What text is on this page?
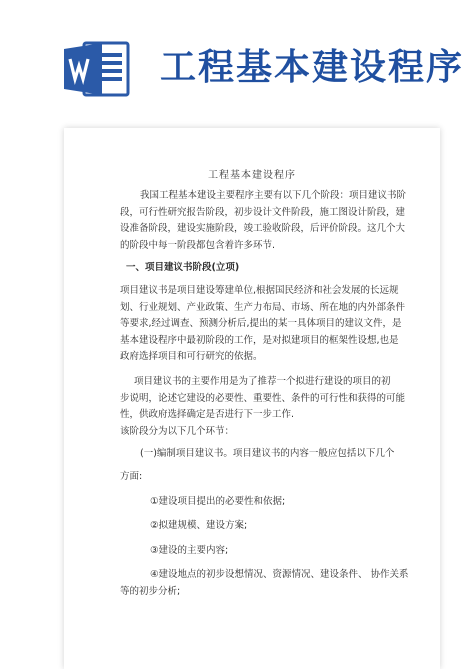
工程基本建设程序
工程基本建设程序
我国工程基本建设主要程序主要有以下几个阶段：项目建议书阶
段，可行性研究报告阶段，初步设计文件阶段，施工图设计阶段，建
设准备阶段，建设实施阶段，竣工验收阶段，后评价阶段。这几个大
的阶段中每一阶段都包含着许多环节.
一、项目建议书阶段(立项)
项目建议书是项目建设筹建单位,根据国民经济和社会发展的长远规
划、行业规划、产业政策、生产力布局、市场、所在地的内外部条件
等要求,经过调查、预测分析后,提出的某一具体项目的建议文件，是
基本建设程序中最初阶段的工作，是对拟建项目的框架性设想,也是
政府选择项目和可行研究的依据。
项目建议书的主要作用是为了推荐一个拟进行建设的项目的初
步说明，论述它建设的必要性、重要性、条件的可行性和获得的可能
性，供政府选择确定是否进行下一步工作.
该阶段分为以下几个环节：
(一)编制项目建议书。项目建议书的内容一般应包括以下几个
方面:
①建设项目提出的必要性和依据;
②拟建规模、建设方案;
③建设的主要内容;
④建设地点的初步设想情况、资源情况、建设条件、 协作关系
等的初步分析;
